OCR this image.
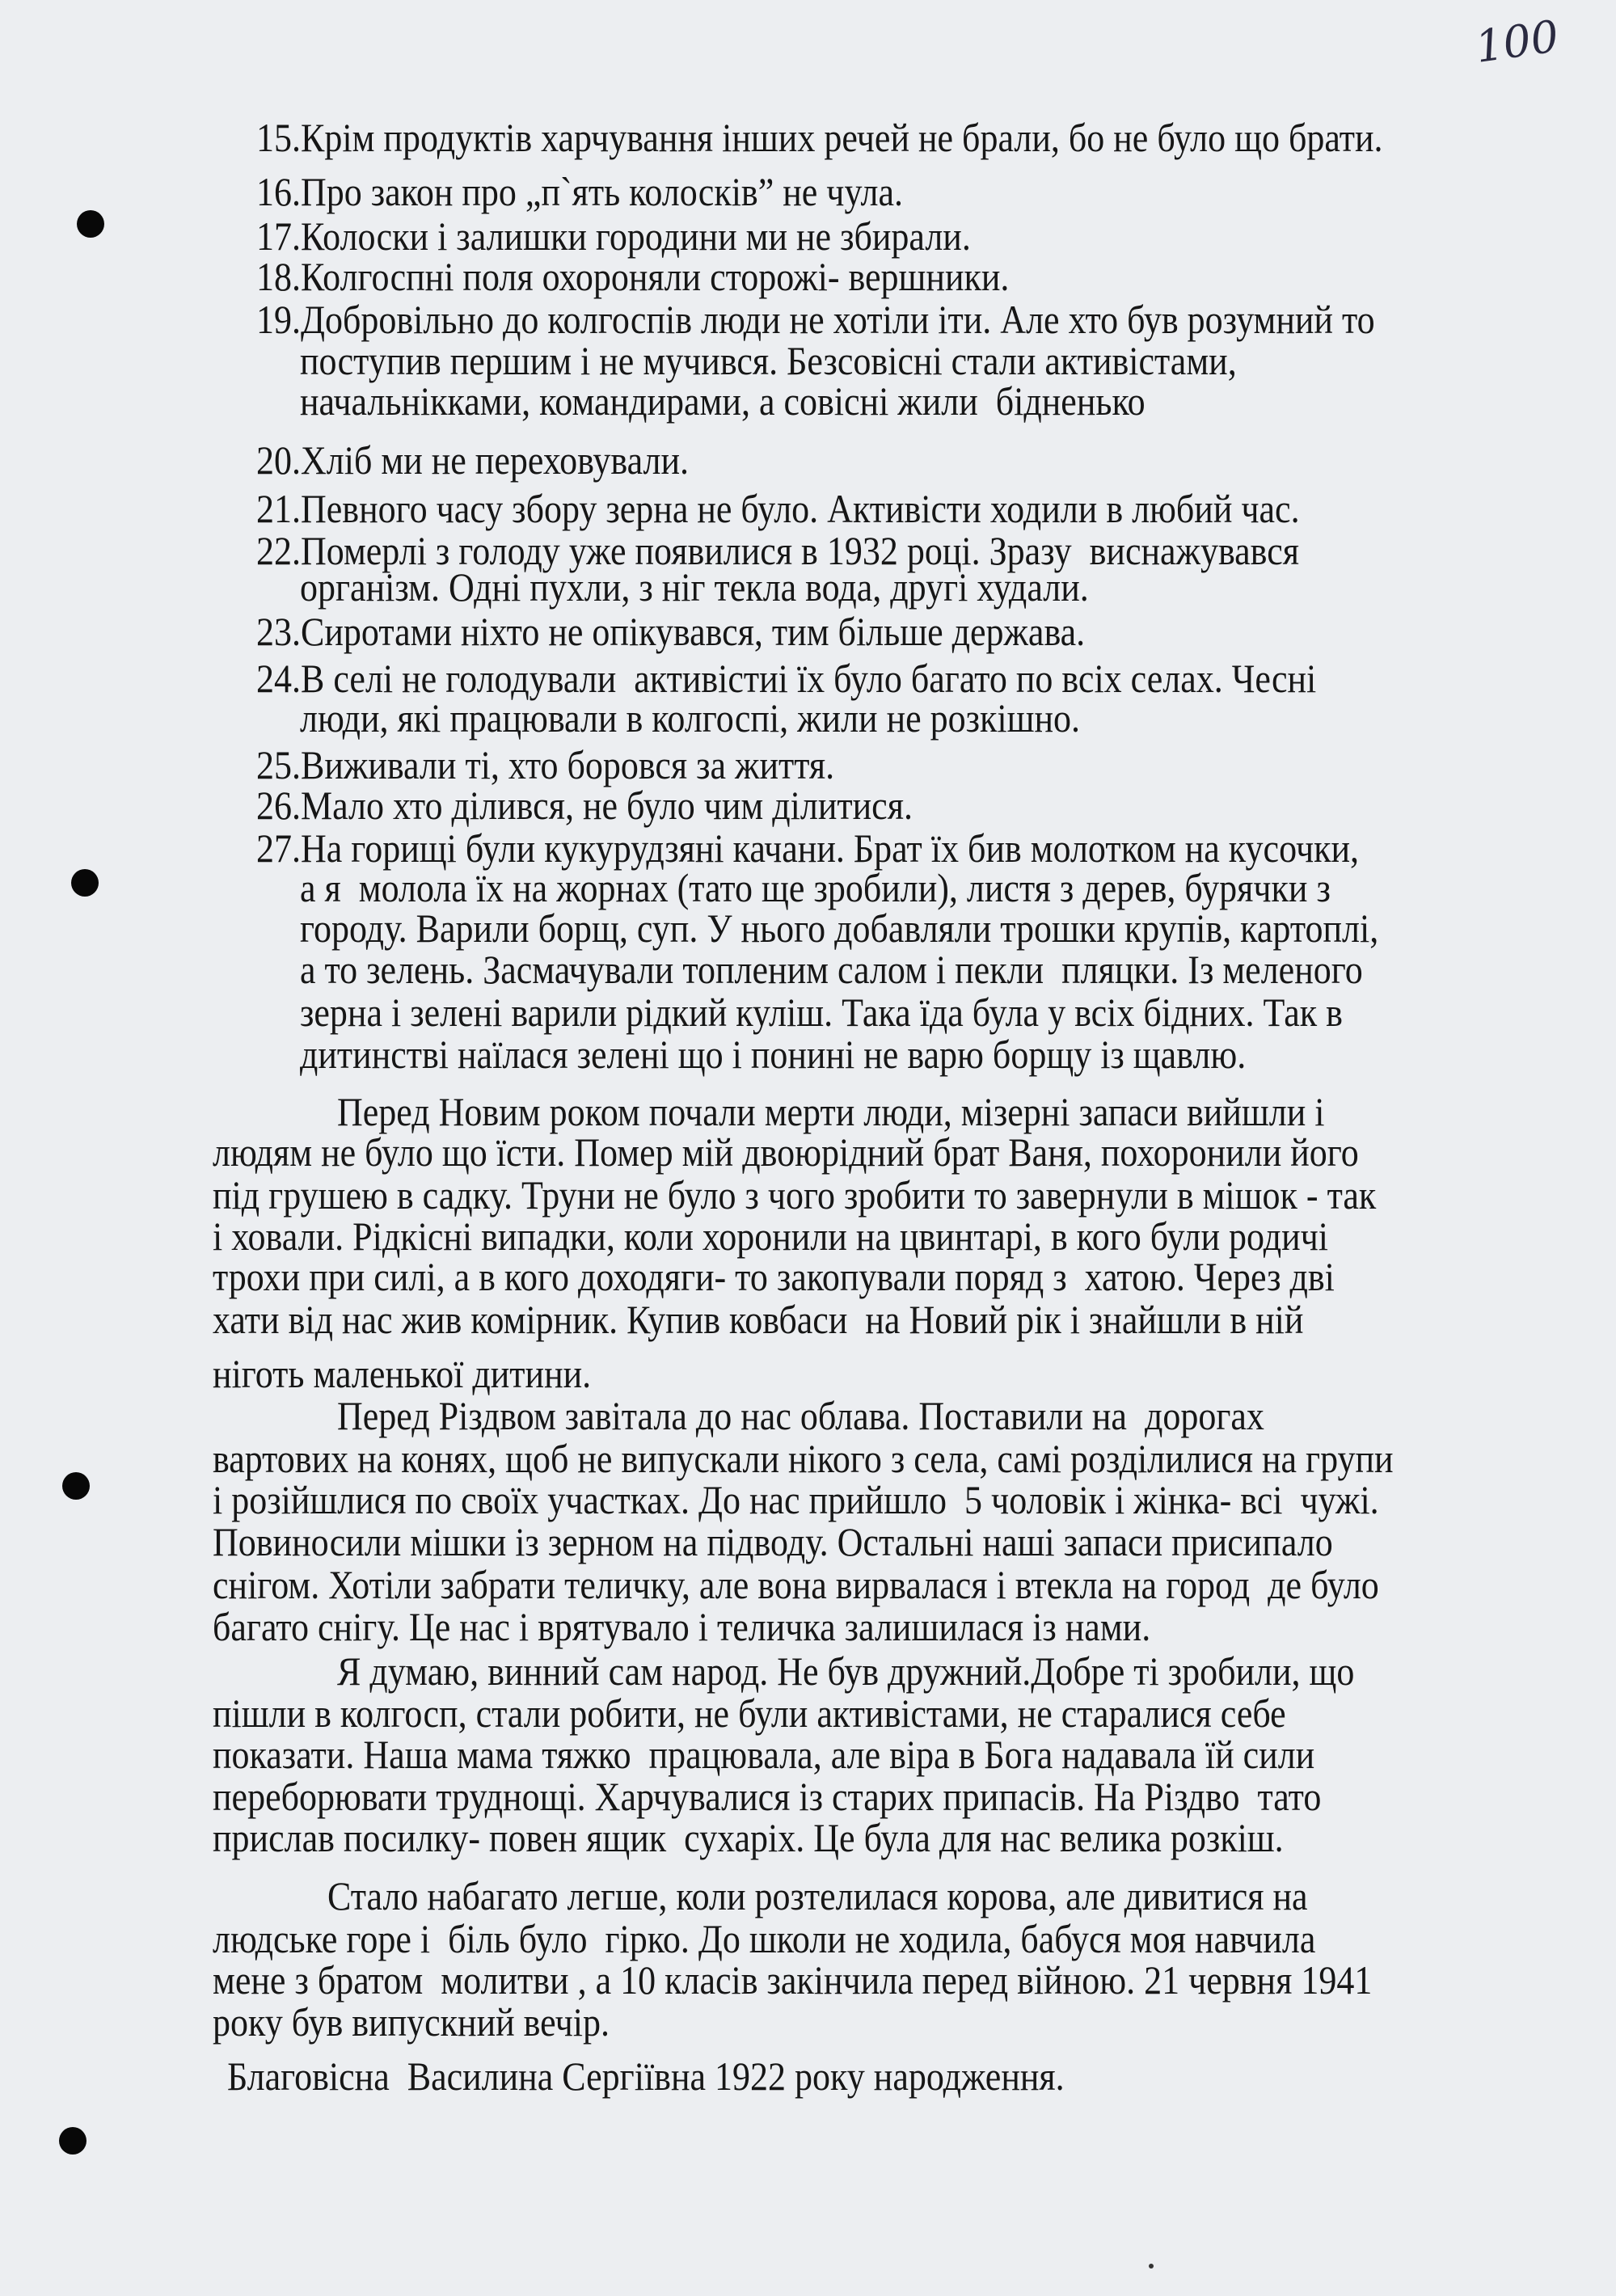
100
15.Крім продуктів харчування інших речей не брали, бо не було що брати.
16.Про закон про „п`ять колосків” не чула.
17.Колоски і залишки городини ми не збирали.
18.Колгоспні поля охороняли сторожі- вершники.
19.Добровільно до колгоспів люди не хотіли іти. Але хто був розумний то
поступив першим і не мучився. Безсовісні стали активістами,
начальнікками, командирами, а совісні жили  бідненько
20.Хліб ми не переховували.
21.Певного часу збору зерна не було. Активісти ходили в любий час.
22.Померлі з голоду уже появилися в 1932 році. Зразу  виснажувався
організм. Одні пухли, з ніг текла вода, другі худали.
23.Сиротами ніхто не опікувався, тим більше держава.
24.В селі не голодували  активістиі їх було багато по всіх селах. Чесні
люди, які працювали в колгоспі, жили не розкішно.
25.Виживали ті, хто боровся за життя.
26.Мало хто ділився, не було чим ділитися.
27.На горищі були кукурудзяні качани. Брат їх бив молотком на кусочки,
а я  молола їх на жорнах (тато ще зробили), листя з дерев, бурячки з
городу. Варили борщ, суп. У нього добавляли трошки крупів, картоплі,
а то зелень. Засмачували топленим салом і пекли  пляцки. Із меленого
зерна і зелені варили рідкий куліш. Така їда була у всіх бідних. Так в
дитинстві наїлася зелені що і понині не варю борщу із щавлю.
Перед Новим роком почали мерти люди, мізерні запаси вийшли і
людям не було що їсти. Помер мій двоюрідний брат Ваня, похоронили його
під грушею в садку. Труни не було з чого зробити то завернули в мішок - так
і ховали. Рідкісні випадки, коли хоронили на цвинтарі, в кого були родичі
трохи при силі, а в кого доходяги- то закопували поряд з  хатою. Через дві
хати від нас жив комірник. Купив ковбаси  на Новий рік і знайшли в ній
ніготь маленької дитини.
Перед Різдвом завітала до нас облава. Поставили на  дорогах
вартових на конях, щоб не випускали нікого з села, самі розділилися на групи
і розійшлися по своїх участках. До нас прийшло  5 чоловік і жінка- всі  чужі.
Повиносили мішки із зерном на підводу. Остальні наші запаси присипало
снігом. Хотіли забрати теличку, але вона вирвалася і втекла на город  де було
багато снігу. Це нас і врятувало і теличка залишилася із нами.
Я думаю, винний сам народ. Не був дружний.Добре ті зробили, що
пішли в колгосп, стали робити, не були активістами, не старалися себе
показати. Наша мама тяжко  працювала, але віра в Бога надавала їй сили
переборювати труднощі. Харчувалися із старих припасів. На Різдво  тато
прислав посилку- повен ящик  сухаріх. Це була для нас велика розкіш.
Стало набагато легше, коли розтелилася корова, але дивитися на
людське горе і  біль було  гірко. До школи не ходила, бабуся моя навчила
мене з братом  молитви , а 10 класів закінчила перед війною. 21 червня 1941
року був випускний вечір.
Благовісна  Василина Сергіївна 1922 року народження.
